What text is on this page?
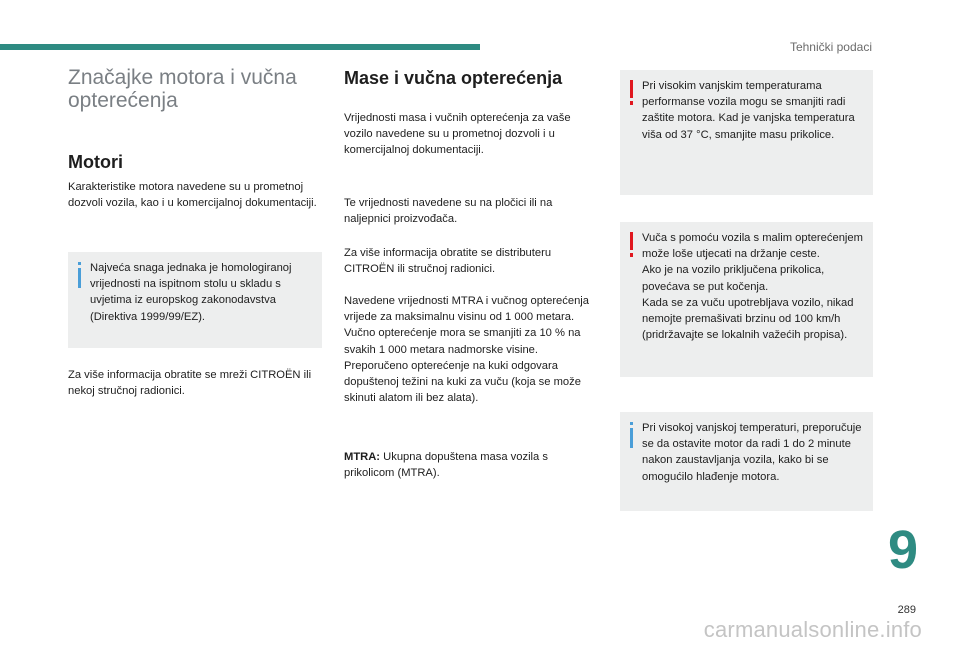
Tehnički podaci
Značajke motora i vučna opterećenja
Motori

Karakteristike motora navedene su u prometnoj dozvoli vozila, kao i u komercijalnoj dokumentaciji.

Najveća snaga jednaka je homologiranoj vrijednosti na ispitnom stolu u skladu s uvjetima iz europskog zakonodavstva (Direktiva 1999/99/EZ).

Za više informacija obratite se mreži CITROËN ili nekoj stručnoj radionici.

Mase i vučna opterećenja

Vrijednosti masa i vučnih opterećenja za vaše vozilo navedene su u prometnoj dozvoli i u komercijalnoj dokumentaciji.

Te vrijednosti navedene su na pločici ili na naljepnici proizvođača.

Za više informacija obratite se distributeru CITROËN ili stručnoj radionici.

Navedene vrijednosti MTRA i vučnog opterećenja vrijede za maksimalnu visinu od 1 000 metara. Vučno opterećenje mora se smanjiti za 10 % na svakih 1 000 metara nadmorske visine.
Preporučeno opterećenje na kuki odgovara dopuštenoj težini na kuki za vuču (koja se može skinuti alatom ili bez alata).

MTRA: Ukupna dopuštena masa vozila s prikolicom (MTRA).

Pri visokim vanjskim temperaturama performanse vozila mogu se smanjiti radi zaštite motora. Kad je vanjska temperatura viša od 37 °C, smanjite masu prikolice.
Vuča s pomoću vozila s malim opterećenjem može loše utjecati na držanje ceste.
Ako je na vozilo priključena prikolica, povećava se put kočenja.
Kada se za vuču upotrebljava vozilo, nikad nemojte premašivati brzinu od 100 km/h (pridržavajte se lokalnih važećih propisa).
Pri visokoj vanjskoj temperaturi, preporučuje se da ostavite motor da radi 1 do 2 minute nakon zaustavljanja vozila, kako bi se omogućilo hlađenje motora.
9
289
carmanualsonline.info
